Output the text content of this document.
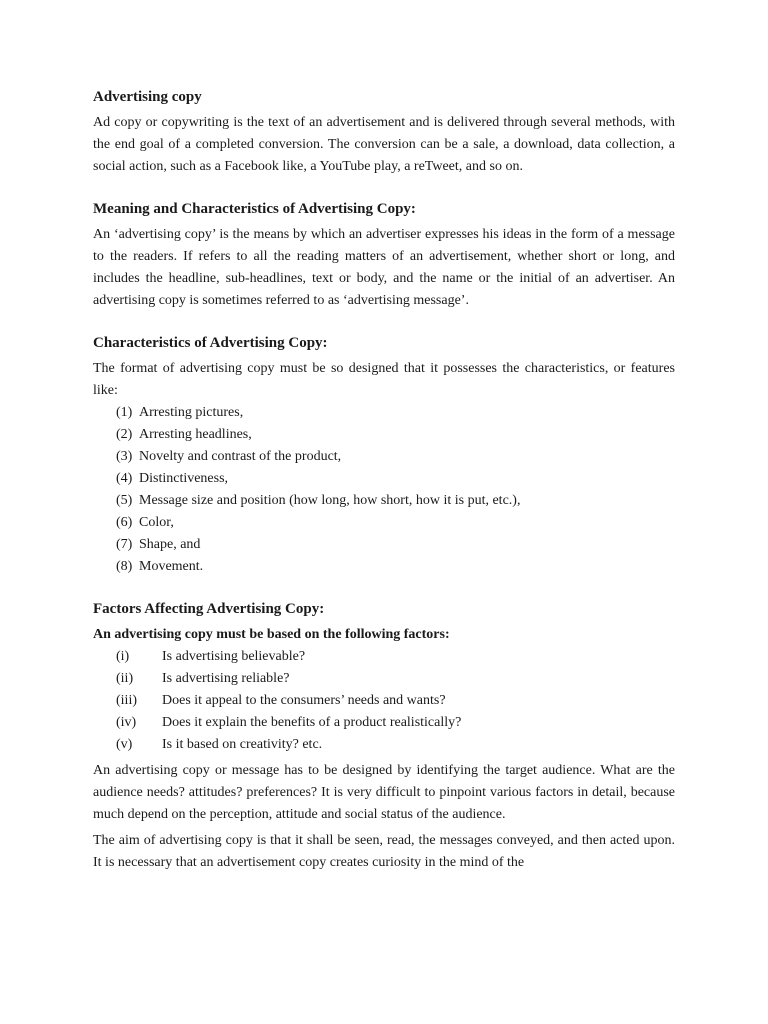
Advertising copy

Ad copy or copywriting is the text of an advertisement and is delivered through several methods, with the end goal of a completed conversion. The conversion can be a sale, a download, data collection, a social action, such as a Facebook like, a YouTube play, a reTweet, and so on.

Meaning and Characteristics of Advertising Copy:

An ‘advertising copy’ is the means by which an advertiser expresses his ideas in the form of a message to the readers. If refers to all the reading matters of an advertisement, whether short or long, and includes the headline, sub-headlines, text or body, and the name or the initial of an advertiser. An advertising copy is sometimes referred to as ‘advertising message’.

Characteristics of Advertising Copy:

The format of advertising copy must be so designed that it possesses the characteristics, or features like:

(1) Arresting pictures,
(2) Arresting headlines,
(3) Novelty and contrast of the product,
(4) Distinctiveness,
(5) Message size and position (how long, how short, how it is put, etc.),
(6) Color,
(7) Shape, and
(8) Movement.
Factors Affecting Advertising Copy:

An advertising copy must be based on the following factors:

(i)	Is advertising believable?
(ii)	Is advertising reliable?
(iii)	Does it appeal to the consumers’ needs and wants?
(iv)	Does it explain the benefits of a product realistically?
(v)	Is it based on creativity? etc.

An advertising copy or message has to be designed by identifying the target audience. What are the audience needs? attitudes? preferences? It is very difficult to pinpoint various factors in detail, because much depend on the perception, attitude and social status of the audience.

The aim of advertising copy is that it shall be seen, read, the messages conveyed, and then acted upon. It is necessary that an advertisement copy creates curiosity in the mind of the
